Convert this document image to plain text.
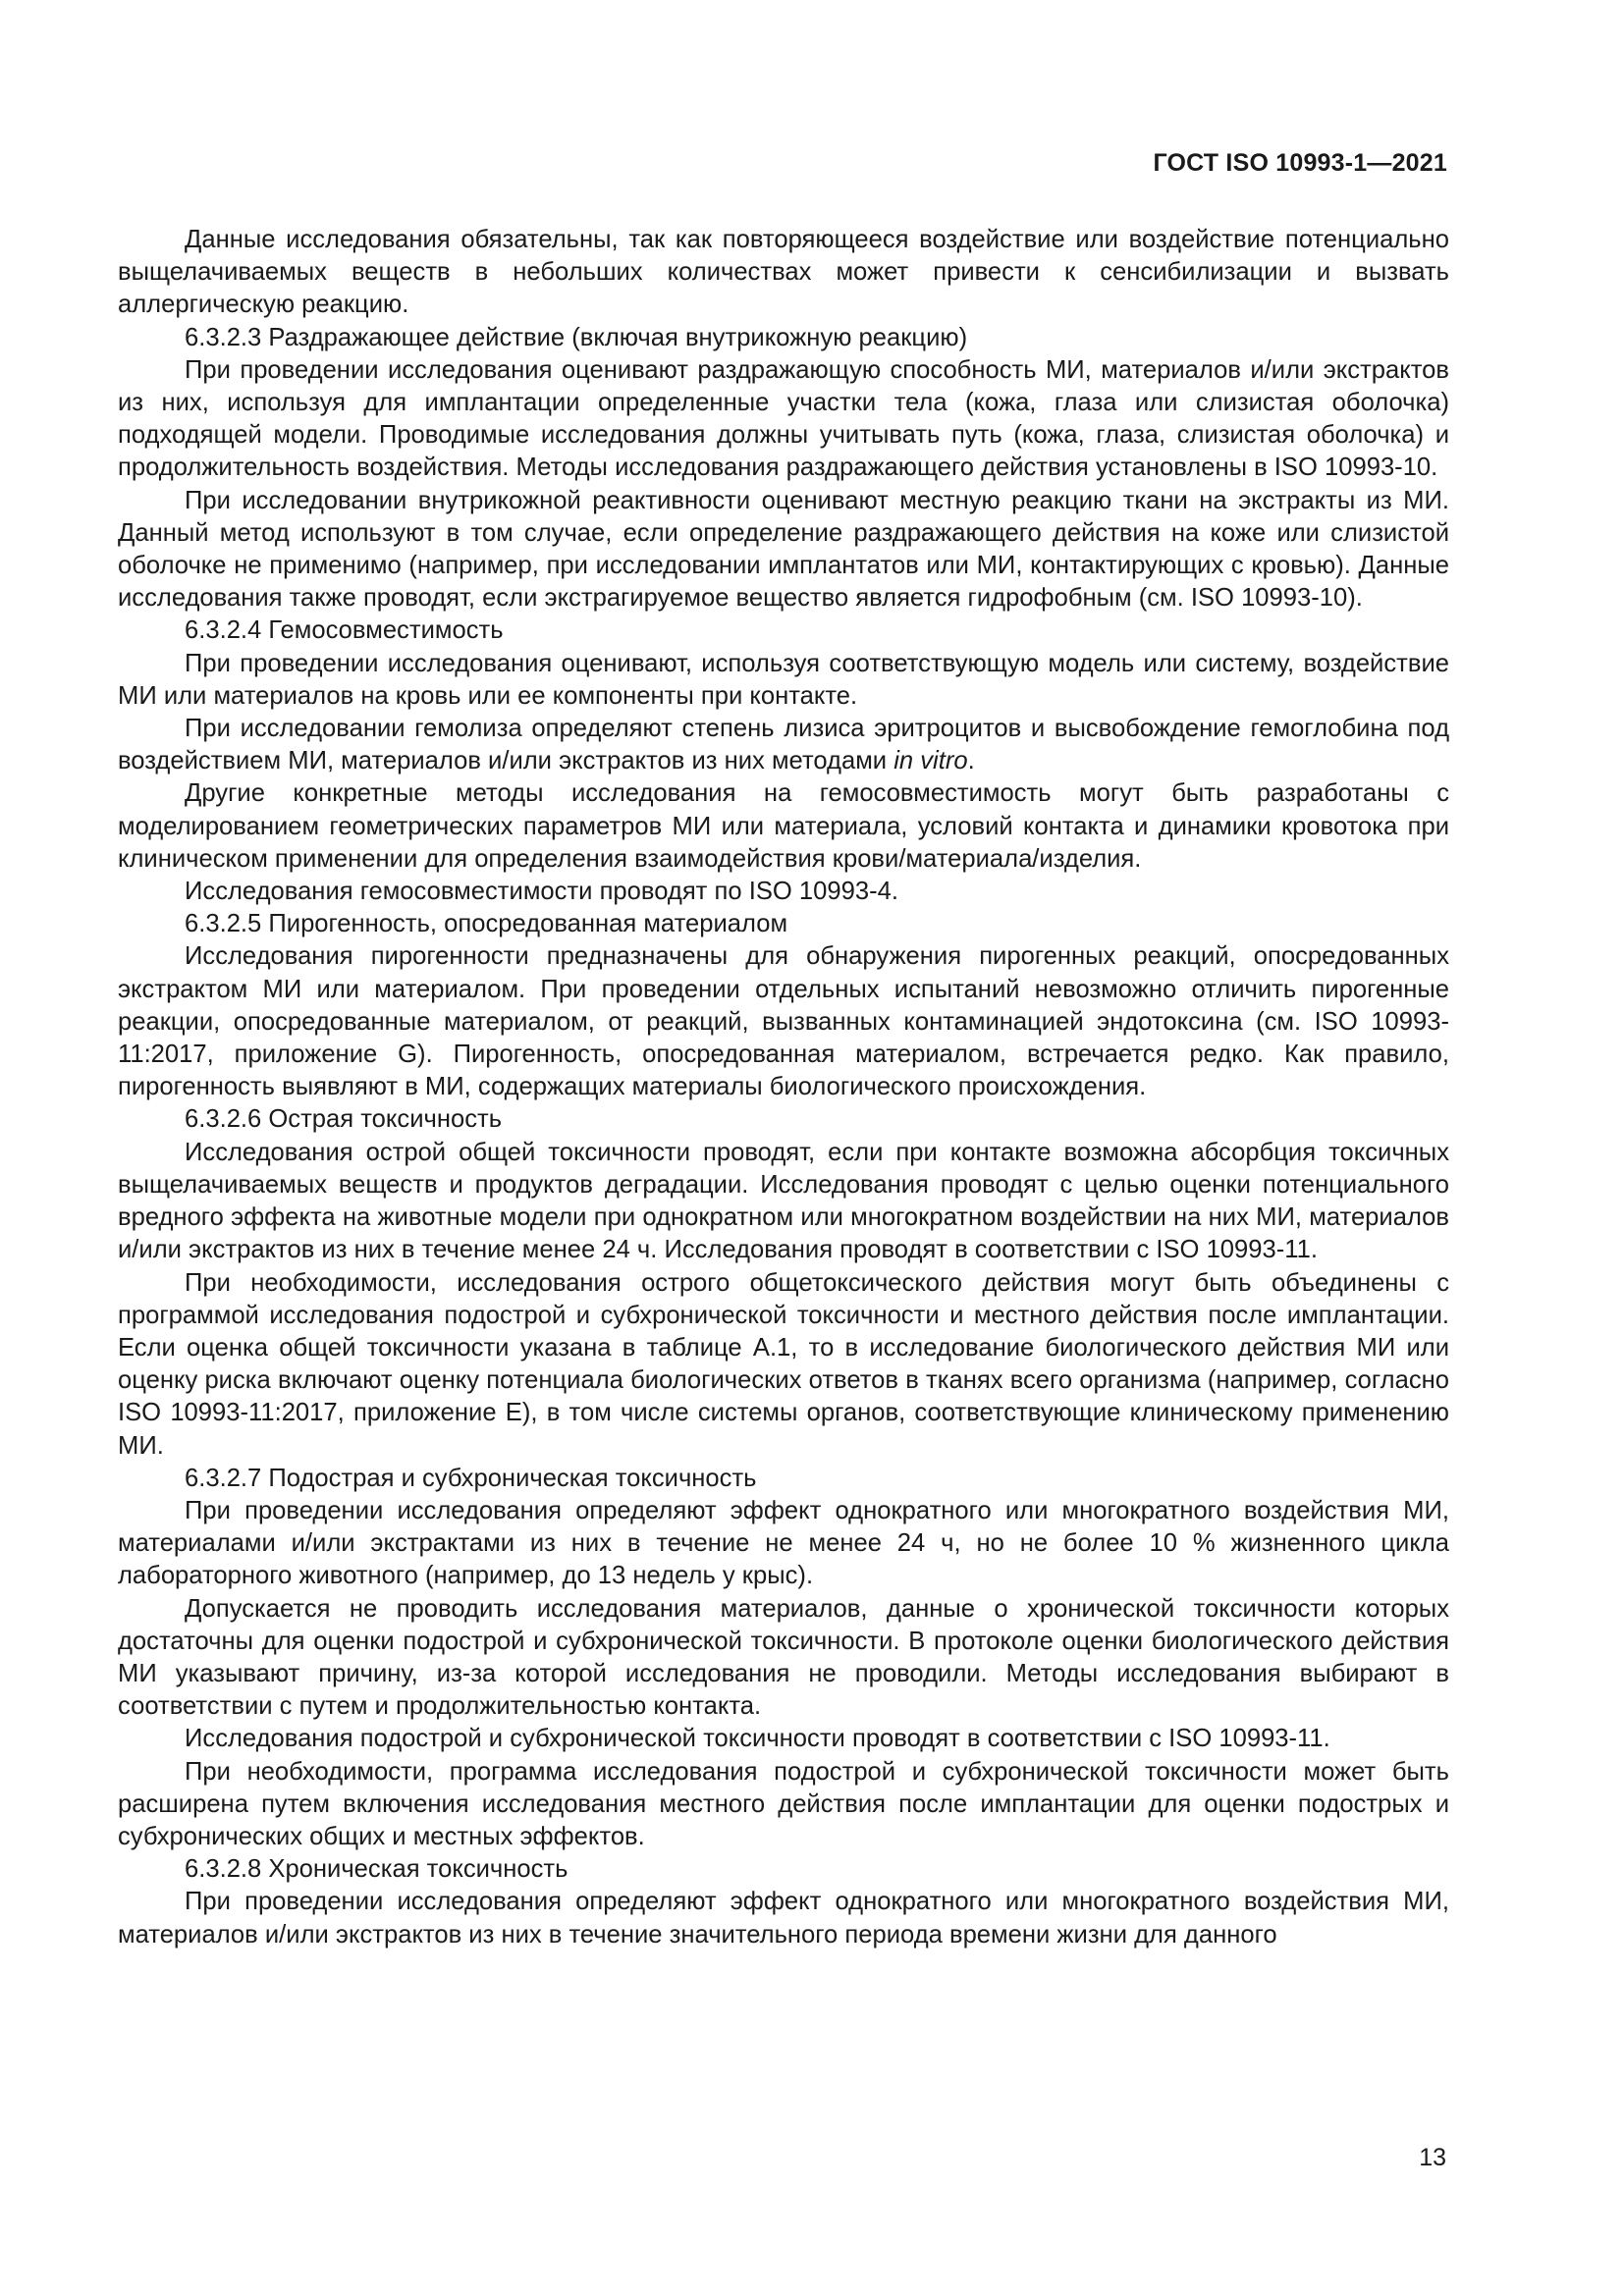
ГОСТ ISO 10993-1—2021

Данные исследования обязательны, так как повторяющееся воздействие или воздействие потенциально выщелачиваемых веществ в небольших количествах может привести к сенсибилизации и вызвать аллергическую реакцию.

6.3.2.3 Раздражающее действие (включая внутрикожную реакцию)

При проведении исследования оценивают раздражающую способность МИ, материалов и/или экстрактов из них, используя для имплантации определенные участки тела (кожа, глаза или слизистая оболочка) подходящей модели. Проводимые исследования должны учитывать путь (кожа, глаза, слизистая оболочка) и продолжительность воздействия. Методы исследования раздражающего действия установлены в ISO 10993-10.

При исследовании внутрикожной реактивности оценивают местную реакцию ткани на экстракты из МИ. Данный метод используют в том случае, если определение раздражающего действия на коже или слизистой оболочке не применимо (например, при исследовании имплантатов или МИ, контактирующих с кровью). Данные исследования также проводят, если экстрагируемое вещество является гидрофобным (см. ISO 10993-10).

6.3.2.4 Гемосовместимость

При проведении исследования оценивают, используя соответствующую модель или систему, воздействие МИ или материалов на кровь или ее компоненты при контакте.

При исследовании гемолиза определяют степень лизиса эритроцитов и высвобождение гемоглобина под воздействием МИ, материалов и/или экстрактов из них методами in vitro.

Другие конкретные методы исследования на гемосовместимость могут быть разработаны с моделированием геометрических параметров МИ или материала, условий контакта и динамики кровотока при клиническом применении для определения взаимодействия крови/материала/изделия.

Исследования гемосовместимости проводят по ISO 10993-4.

6.3.2.5 Пирогенность, опосредованная материалом

Исследования пирогенности предназначены для обнаружения пирогенных реакций, опосредованных экстрактом МИ или материалом. При проведении отдельных испытаний невозможно отличить пирогенные реакции, опосредованные материалом, от реакций, вызванных контаминацией эндотоксина (см. ISO 10993-11:2017, приложение G). Пирогенность, опосредованная материалом, встречается редко. Как правило, пирогенность выявляют в МИ, содержащих материалы биологического происхождения.

6.3.2.6 Острая токсичность

Исследования острой общей токсичности проводят, если при контакте возможна абсорбция токсичных выщелачиваемых веществ и продуктов деградации. Исследования проводят с целью оценки потенциального вредного эффекта на животные модели при однократном или многократном воздействии на них МИ, материалов и/или экстрактов из них в течение менее 24 ч. Исследования проводят в соответствии с ISO 10993-11.

При необходимости, исследования острого общетоксического действия могут быть объединены с программой исследования подострой и субхронической токсичности и местного действия после имплантации. Если оценка общей токсичности указана в таблице А.1, то в исследование биологического действия МИ или оценку риска включают оценку потенциала биологических ответов в тканях всего организма (например, согласно ISO 10993-11:2017, приложение Е), в том числе системы органов, соответствующие клиническому применению МИ.

6.3.2.7 Подострая и субхроническая токсичность

При проведении исследования определяют эффект однократного или многократного воздействия МИ, материалами и/или экстрактами из них в течение не менее 24 ч, но не более 10 % жизненного цикла лабораторного животного (например, до 13 недель у крыс).

Допускается не проводить исследования материалов, данные о хронической токсичности которых достаточны для оценки подострой и субхронической токсичности. В протоколе оценки биологического действия МИ указывают причину, из-за которой исследования не проводили. Методы исследования выбирают в соответствии с путем и продолжительностью контакта.

Исследования подострой и субхронической токсичности проводят в соответствии с ISO 10993-11.

При необходимости, программа исследования подострой и субхронической токсичности может быть расширена путем включения исследования местного действия после имплантации для оценки подострых и субхронических общих и местных эффектов.

6.3.2.8 Хроническая токсичность

При проведении исследования определяют эффект однократного или многократного воздействия МИ, материалов и/или экстрактов из них в течение значительного периода времени жизни для данного

13
